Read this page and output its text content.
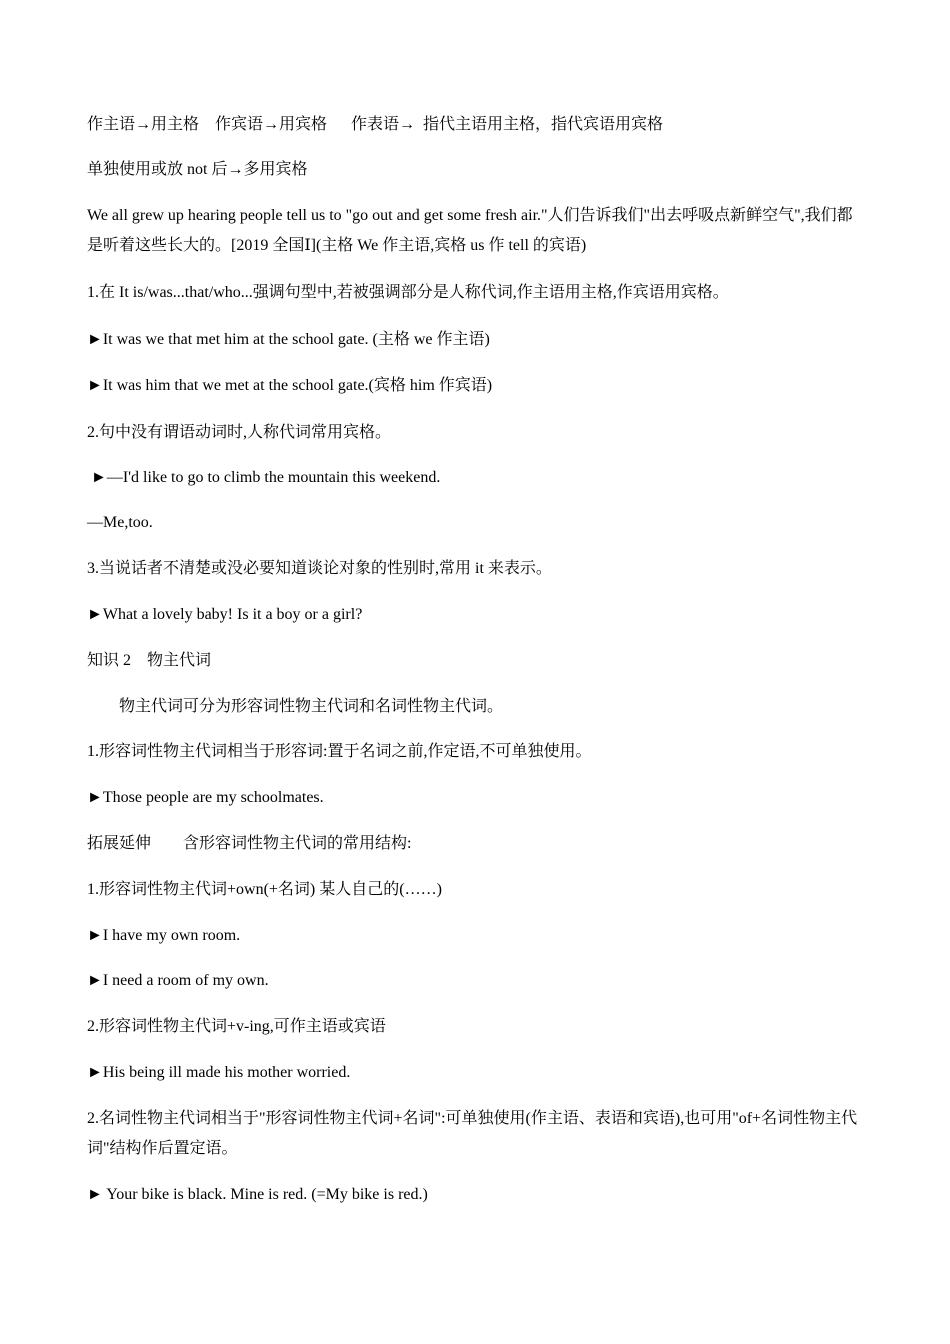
作主语→用主格    作宾语→用宾格      作表语→  指代主语用主格，指代宾语用宾格
单独使用或放 not 后→多用宾格
We all grew up hearing people tell us to "go out and get some fresh air."人们告诉我们"出去呼吸点新鲜空气",我们都是听着这些长大的。[2019 全国Ⅰ](主格 We 作主语,宾格 us 作 tell 的宾语)
1.在 It is/was...that/who...强调句型中,若被强调部分是人称代词,作主语用主格,作宾语用宾格。
►It was we that met him at the school gate. (主格 we 作主语)
►It was him that we met at the school gate.(宾格 him 作宾语)
2.句中没有谓语动词时,人称代词常用宾格。
►—I'd like to go to climb the mountain this weekend.
—Me,too.
3.当说话者不清楚或没必要知道谈论对象的性别时,常用 it 来表示。
►What a lovely baby! Is it a boy or a girl?
知识 2    物主代词
物主代词可分为形容词性物主代词和名词性物主代词。
1.形容词性物主代词相当于形容词:置于名词之前,作定语,不可单独使用。
►Those people are my schoolmates.
拓展延伸        含形容词性物主代词的常用结构:
1.形容词性物主代词+own(+名词) 某人自己的(……)
►I have my own room.
►I need a room of my own.
2.形容词性物主代词+v-ing,可作主语或宾语
►His being ill made his mother worried.
2.名词性物主代词相当于"形容词性物主代词+名词":可单独使用(作主语、表语和宾语),也可用"of+名词性物主代词"结构作后置定语。
► Your bike is black. Mine is red. (=My bike is red.)
